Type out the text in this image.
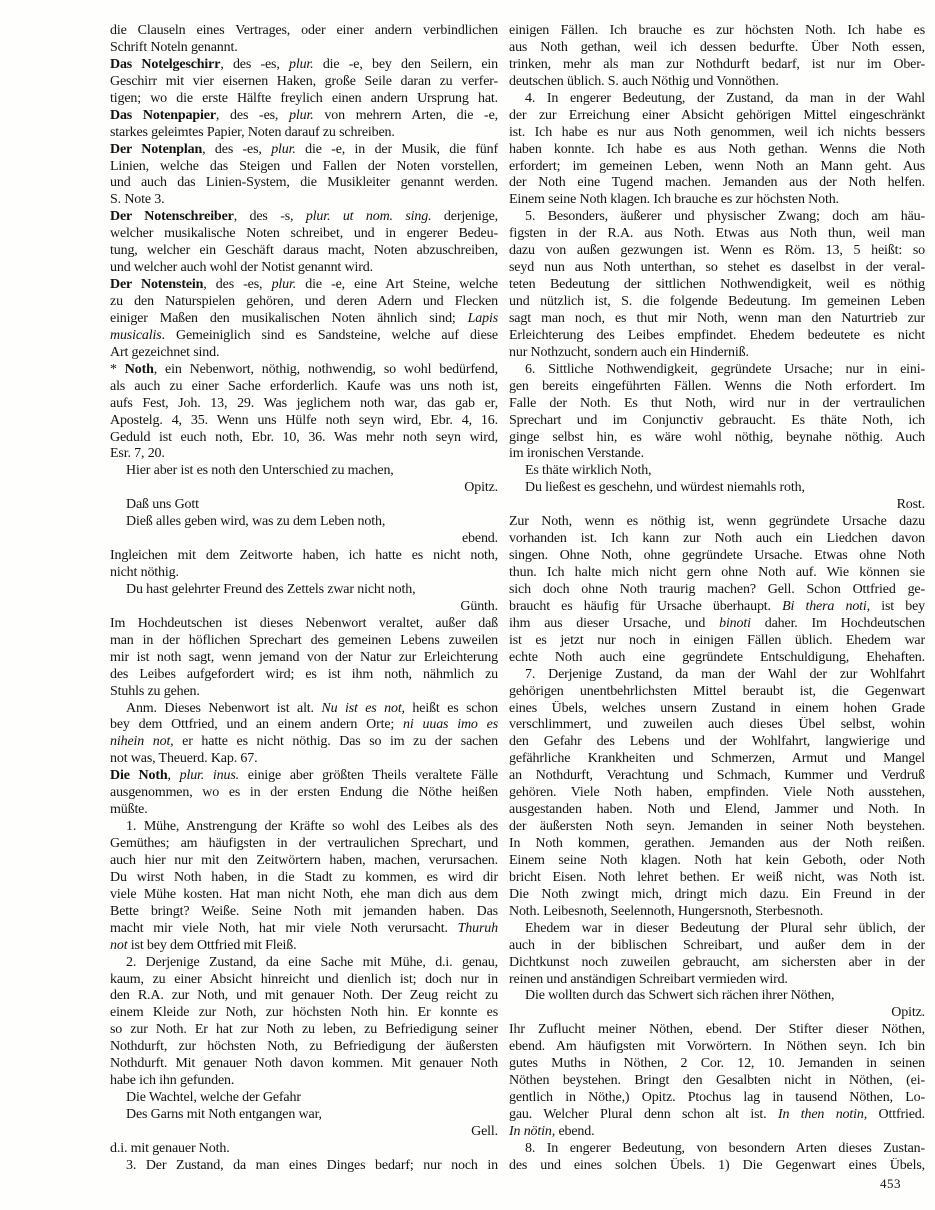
die Clauseln eines Vertrages, oder einer andern verbindlichen
Schrift Noteln genannt.
Das Notelgeschirr, des -es, plur. die -e, bey den Seilern, ein
Geschirr mit vier eisernen Haken, große Seile daran zu verfer-
tigen; wo die erste Hälfte freylich einen andern Ursprung hat.
Das Notenpapier, des -es, plur. von mehrern Arten, die -e,
starkes geleimtes Papier, Noten darauf zu schreiben.
Der Notenplan, des -es, plur. die -e, in der Musik, die fünf
Linien, welche das Steigen und Fallen der Noten vorstellen,
und auch das Linien-System, die Musikleiter genannt werden.
S. Note 3.
Der Notenschreiber, des -s, plur. ut nom. sing. derjenige,
welcher musikalische Noten schreibet, und in engerer Bedeu-
tung, welcher ein Geschäft daraus macht, Noten abzuschreiben,
und welcher auch wohl der Notist genannt wird.
Der Notenstein, des -es, plur. die -e, eine Art Steine, welche
zu den Naturspielen gehören, und deren Adern und Flecken
einiger Maßen den musikalischen Noten ähnlich sind; Lapis
musicalis. Gemeiniglich sind es Sandsteine, welche auf diese
Art gezeichnet sind.
* Noth, ein Nebenwort, nöthig, nothwendig, so wohl bedürfend,
als auch zu einer Sache erforderlich. Kaufe was uns noth ist,
aufs Fest, Joh. 13, 29. Was jeglichem noth war, das gab er,
Apostelg. 4, 35. Wenn uns Hülfe noth seyn wird, Ebr. 4, 16.
Geduld ist euch noth, Ebr. 10, 36. Was mehr noth seyn wird,
Esr. 7, 20.
Hier aber ist es noth den Unterschied zu machen,
Opitz.
Daß uns Gott
Dieß alles geben wird, was zu dem Leben noth,
ebend.
Ingleichen mit dem Zeitworte haben, ich hatte es nicht noth,
nicht nöthig.
Du hast gelehrter Freund des Zettels zwar nicht noth,
Günth.
Im Hochdeutschen ist dieses Nebenwort veraltet, außer daß
man in der höflichen Sprechart des gemeinen Lebens zuweilen
mir ist noth sagt, wenn jemand von der Natur zur Erleichterung
des Leibes aufgefordert wird; es ist ihm noth, nähmlich zu
Stuhls zu gehen.
Anm. Dieses Nebenwort ist alt. Nu ist es not, heißt es schon
bey dem Ottfried, und an einem andern Orte; ni uuas imo es
nihein not, er hatte es nicht nöthig. Das so im zu der sachen
not was, Theuerd. Kap. 67.
Die Noth, plur. inus. einige aber größten Theils veraltete Fälle
ausgenommen, wo es in der ersten Endung die Nöthe heißen
müßte.
1. Mühe, Anstrengung der Kräfte so wohl des Leibes als des
Gemüthes; am häufigsten in der vertraulichen Sprechart, und
auch hier nur mit den Zeitwörtern haben, machen, verursachen.
Du wirst Noth haben, in die Stadt zu kommen, es wird dir
viele Mühe kosten. Hat man nicht Noth, ehe man dich aus dem
Bette bringt? Weiße. Seine Noth mit jemanden haben. Das
macht mir viele Noth, hat mir viele Noth verursacht. Thuruh
not ist bey dem Ottfried mit Fleiß.
2. Derjenige Zustand, da eine Sache mit Mühe, d.i. genau,
kaum, zu einer Absicht hinreicht und dienlich ist; doch nur in
den R.A. zur Noth, und mit genauer Noth. Der Zeug reicht zu
einem Kleide zur Noth, zur höchsten Noth hin. Er konnte es
so zur Noth. Er hat zur Noth zu leben, zu Befriedigung seiner
Nothdurft, zur höchsten Noth, zu Befriedigung der äußersten
Nothdurft. Mit genauer Noth davon kommen. Mit genauer Noth
habe ich ihn gefunden.
Die Wachtel, welche der Gefahr
Des Garns mit Noth entgangen war,
Gell.
d.i. mit genauer Noth.
3. Der Zustand, da man eines Dinges bedarf; nur noch in
einigen Fällen. Ich brauche es zur höchsten Noth. Ich habe es
aus Noth gethan, weil ich dessen bedurfte. Über Noth essen,
trinken, mehr als man zur Nothdurft bedarf, ist nur im Ober-
deutschen üblich. S. auch Nöthig und Vonnöthen.
4. In engerer Bedeutung, der Zustand, da man in der Wahl
der zur Erreichung einer Absicht gehörigen Mittel eingeschränkt
ist. Ich habe es nur aus Noth genommen, weil ich nichts bessers
haben konnte. Ich habe es aus Noth gethan. Wenns die Noth
erfordert; im gemeinen Leben, wenn Noth an Mann geht. Aus
der Noth eine Tugend machen. Jemanden aus der Noth helfen.
Einem seine Noth klagen. Ich brauche es zur höchsten Noth.
5. Besonders, äußerer und physischer Zwang; doch am häu-
figsten in der R.A. aus Noth. Etwas aus Noth thun, weil man
dazu von außen gezwungen ist. Wenn es Röm. 13, 5 heißt: so
seyd nun aus Noth unterthan, so stehet es daselbst in der veral-
teten Bedeutung der sittlichen Nothwendigkeit, weil es nöthig
und nützlich ist, S. die folgende Bedeutung. Im gemeinen Leben
sagt man noch, es thut mir Noth, wenn man den Naturtrieb zur
Erleichterung des Leibes empfindet. Ehedem bedeutete es nicht
nur Nothzucht, sondern auch ein Hinderniß.
6. Sittliche Nothwendigkeit, gegründete Ursache; nur in eini-
gen bereits eingeführten Fällen. Wenns die Noth erfordert. Im
Falle der Noth. Es thut Noth, wird nur in der vertraulichen
Sprechart und im Conjunctiv gebraucht. Es thäte Noth, ich
ginge selbst hin, es wäre wohl nöthig, beynahe nöthig. Auch
im ironischen Verstande.
Es thäte wirklich Noth,
Du ließest es geschehn, und würdest niemahls roth,
Rost.
Zur Noth, wenn es nöthig ist, wenn gegründete Ursache dazu
vorhanden ist. Ich kann zur Noth auch ein Liedchen davon
singen. Ohne Noth, ohne gegründete Ursache. Etwas ohne Noth
thun. Ich halte mich nicht gern ohne Noth auf. Wie können sie
sich doch ohne Noth traurig machen? Gell. Schon Ottfried ge-
braucht es häufig für Ursache überhaupt. Bi thera noti, ist bey
ihm aus dieser Ursache, und binoti daher. Im Hochdeutschen
ist es jetzt nur noch in einigen Fällen üblich. Ehedem war
echte Noth auch eine gegründete Entschuldigung, Ehehaften.
7. Derjenige Zustand, da man der Wahl der zur Wohlfahrt
gehörigen unentbehrlichsten Mittel beraubt ist, die Gegenwart
eines Übels, welches unsern Zustand in einem hohen Grade
verschlimmert, und zuweilen auch dieses Übel selbst, wohin
den Gefahr des Lebens und der Wohlfahrt, langwierige und
gefährliche Krankheiten und Schmerzen, Armut und Mangel
an Nothdurft, Verachtung und Schmach, Kummer und Verdruß
gehören. Viele Noth haben, empfinden. Viele Noth ausstehen,
ausgestanden haben. Noth und Elend, Jammer und Noth. In
der äußersten Noth seyn. Jemanden in seiner Noth beystehen.
In Noth kommen, gerathen. Jemanden aus der Noth reißen.
Einem seine Noth klagen. Noth hat kein Geboth, oder Noth
bricht Eisen. Noth lehret bethen. Er weiß nicht, was Noth ist.
Die Noth zwingt mich, dringt mich dazu. Ein Freund in der
Noth. Leibesnoth, Seelennoth, Hungersnoth, Sterbesnoth.
Ehedem war in dieser Bedeutung der Plural sehr üblich, der
auch in der biblischen Schreibart, und außer dem in der
Dichtkunst noch zuweilen gebraucht, am sichersten aber in der
reinen und anständigen Schreibart vermieden wird.
Die wollten durch das Schwert sich rächen ihrer Nöthen,
Opitz.
Ihr Zuflucht meiner Nöthen, ebend. Der Stifter dieser Nöthen,
ebend. Am häufigsten mit Vorwörtern. In Nöthen seyn. Ich bin
gutes Muths in Nöthen, 2 Cor. 12, 10. Jemanden in seinen
Nöthen beystehen. Bringt den Gesalbten nicht in Nöthen, (ei-
gentlich in Nöthe,) Opitz. Ptochus lag in tausend Nöthen, Lo-
gau. Welcher Plural denn schon alt ist. In then notin, Ottfried.
In nötin, ebend.
8. In engerer Bedeutung, von besondern Arten dieses Zustan-
des und eines solchen Übels. 1) Die Gegenwart eines Übels,
453
